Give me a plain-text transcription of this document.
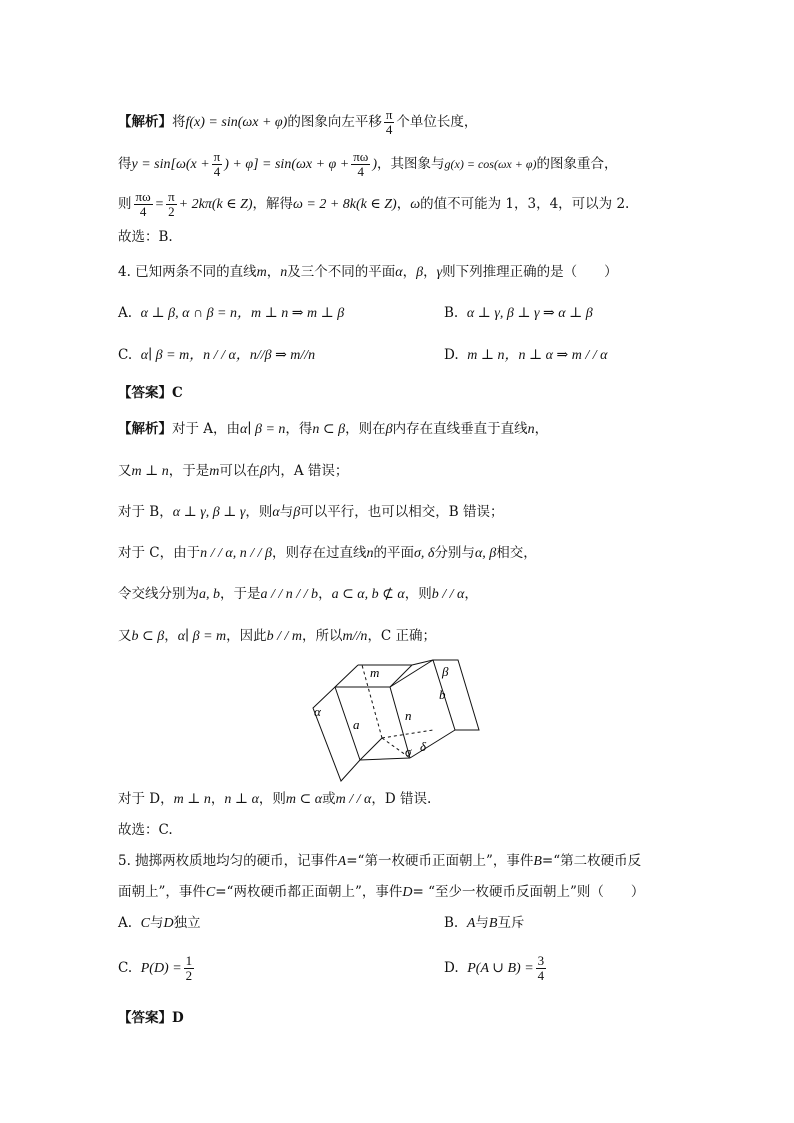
【解析】将f(x) = sin(ωx + φ)的图象向左平移 $\frac{\pi}{4}$ 个单位长度，
得$y = \sin[\omega(x + \frac{\pi}{4}$ ) + $\varphi] = \sin(\omega x + \varphi + \frac{\pi\omega}{4}$ )，其图象与g(x) = cos(ωx + φ)的图象重合，
则 $\frac{\pi\omega}{4} = \frac{\pi}{2} + 2k\pi(k$ ∈ Z)，解得ω = 2 + 8k(k ∈ Z)，ω的值不可能为 1，3，4，可以为 2.
故选：B.
4. 已知两条不同的直线m，n及三个不同的平面α，β，γ则下列推理正确的是（　　）
A. α ⊥ β, α ∩ β = n，m ⊥ n ⇒ m ⊥ β	B. α ⊥ γ, β ⊥ γ ⇒ α ⊥ β
C. α∣ β = m，n / / α，n//β ⇒ m//n	D. m ⊥ n，n ⊥ α ⇒ m / / α
【答案】C
【解析】对于 A，由α∣ β = n，得n ⊂ β，则在β内存在直线垂直于直线n，
又m ⊥ n，于是m可以在β内，A 错误；
对于 B，α ⊥ γ, β ⊥ γ，则α与β可以平行，也可以相交，B 错误；
对于 C，由于n / / α, n / / β，则存在过直线n的平面σ, δ分别与α, β相交，
令交线分别为a, b，于是a / / n / / b，a ⊂ α, b ⊄ α，则b / / α，
又b ⊂ β，α∣ β = m，因此b / / m，所以m//n，C 正确；
m	β
b
α
a
n
σ δ
对于 D，m ⊥ n，n ⊥ α，则m ⊂ α或m / / α，D 错误.
故选：C.
5. 抛掷两枚质地均匀的硬币，记事件A=“第一枚硬币正面朝上”，事件B=“第二枚硬币反
面朝上”，事件C=“两枚硬币都正面朝上”，事件D= “至少一枚硬币反面朝上”则（　　）
A. C与D独立	B. A与B互斥
C. $P(D) = \frac{1}{2}$	D. P(A ∪ $B) = \frac{3}{4}$
【答案】D
